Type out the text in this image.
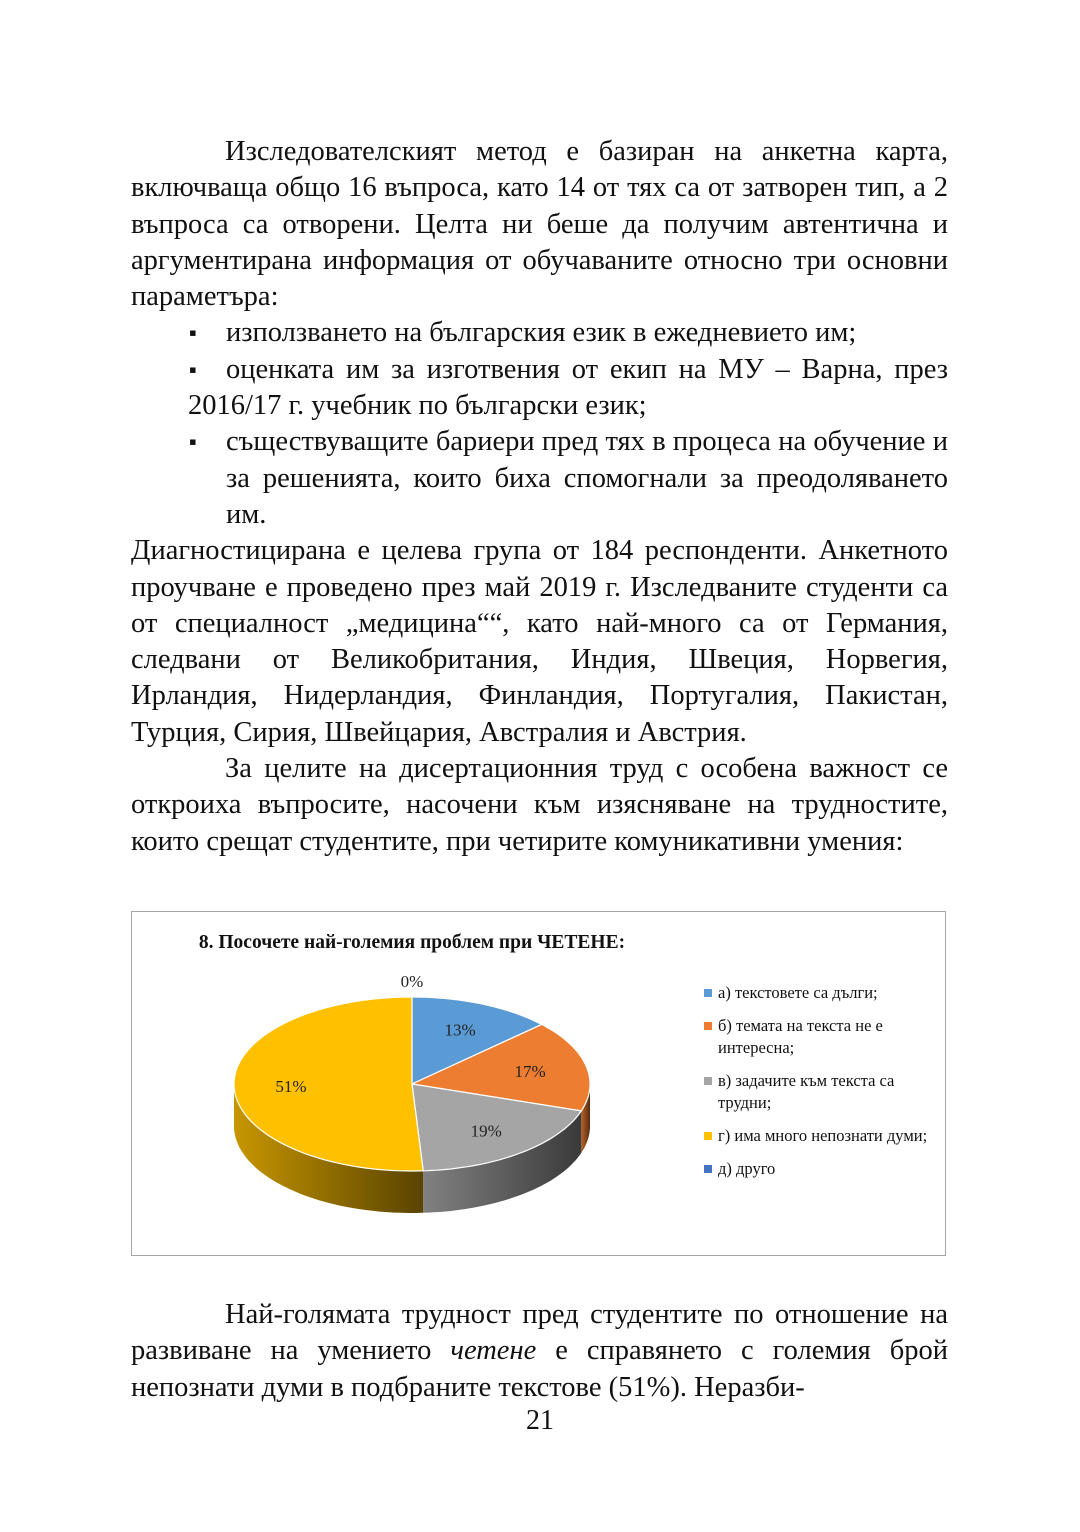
Изследователският метод е базиран на анкетна карта, включваща общо 16 въпроса, като 14 от тях са от затворен тип, а 2 въпроса са отворени. Целта ни беше да получим автентична и аргументирана информация от обучаваните относно три основни параметъра:

▪ използването на българския език в ежедневието им;
▪ оценката им за изготвения от екип на МУ – Варна, през 2016/17 г. учебник по български език;
▪ съществуващите бариери пред тях в процеса на обучение и за решенията, които биха спомогнали за преодоляването им.

Диагностицирана е целева група от 184 респонденти. Анкетното проучване е проведено през май 2019 г. Изследваните студенти са от специалност „медицина““, като най-много са от Германия, следвани от Великобритания, Индия, Швеция, Норвегия, Ирландия, Нидерландия, Финландия, Португалия, Пакистан, Турция, Сирия, Швейцария, Австралия и Австрия.

За целите на дисертационния труд с особена важност се откроиха въпросите, насочени към изясняване на трудностите, които срещат студентите, при четирите комуникативни умения:

8. Посочете най-големия проблем при ЧЕТЕНЕ:
13%
17%
19%
51%
0%
а) текстовете са дълги;
б) темата на текста не е интересна;
в) задачите към текста са трудни;
г) има много непознати думи;
д) друго

Най-голямата трудност пред студентите по отношение на развиване на умението четене е справянето с големия брой непознати думи в подбраните текстове (51%). Неразби-

21
